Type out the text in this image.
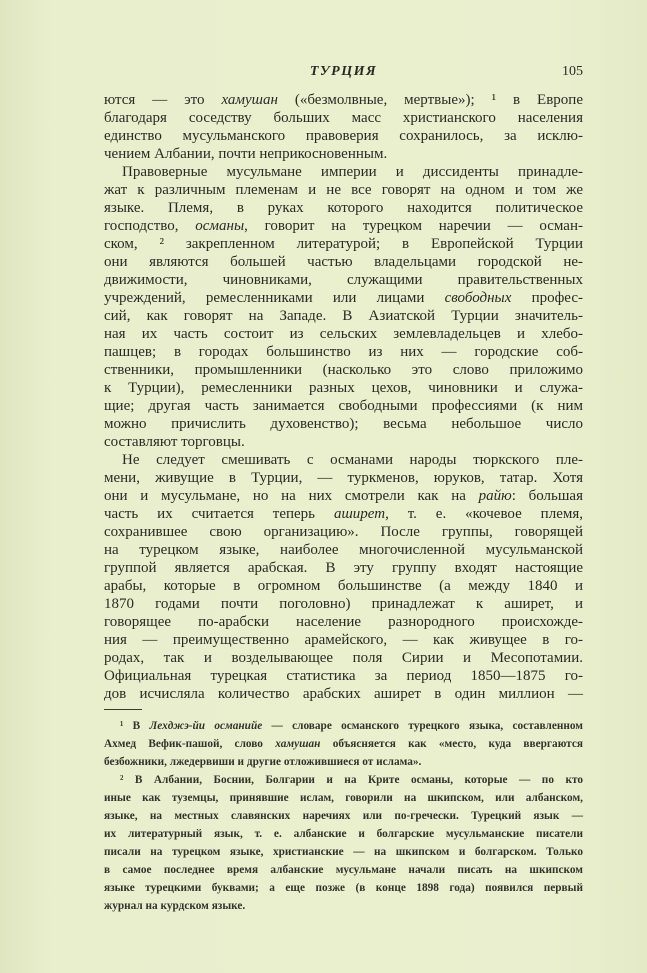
ТУРЦИЯ	105
ются — это хамушан («безмолвные, мертвые»); ¹ в Европе
благодаря соседству больших масс христианского населения
единство мусульманского правоверия сохранилось, за исклю-
чением Албании, почти неприкосновенным.
Правоверные мусульмане империи и диссиденты принадле-
жат к различным племенам и не все говорят на одном и том же
языке. Племя, в руках которого находится политическое
господство, османы, говорит на турецком наречии — осман-
ском, ² закрепленном литературой; в Европейской Турции
они являются большей частью владельцами городской не-
движимости, чиновниками, служащими правительственных
учреждений, ремесленниками или лицами свободных профес-
сий, как говорят на Западе. В Азиатской Турции значитель-
ная их часть состоит из сельских землевладельцев и хлебо-
пашцев; в городах большинство из них — городские соб-
ственники, промышленники (насколько это слово приложимо
к Турции), ремесленники разных цехов, чиновники и служа-
щие; другая часть занимается свободными профессиями (к ним
можно причислить духовенство); весьма небольшое число
составляют торговцы.
Не следует смешивать с османами народы тюркского пле-
мени, живущие в Турции, — туркменов, юруков, татар. Хотя
они и мусульмане, но на них смотрели как на райю: большая
часть их считается теперь аширет, т. е. «кочевое племя,
сохранившее свою организацию». После группы, говорящей
на турецком языке, наиболее многочисленной мусульманской
группой является арабская. В эту группу входят настоящие
арабы, которые в огромном большинстве (а между 1840 и
1870 годами почти поголовно) принадлежат к аширет, и
говорящее по-арабски население разнородного происхожде-
ния — преимущественно арамейского, — как живущее в го-
родах, так и возделывающее поля Сирии и Месопотамии.
Официальная турецкая статистика за период 1850—1875 го-
дов исчисляла количество арабских аширет в один миллион —
¹ В Лехджэ-йи османийе — словаре османского турецкого языка, составленном
Ахмед Вефик-пашой, слово хамушан объясняется как «место, куда ввергаются
безбожники, лжедервиши и другие отложившиеся от ислама».
² В Албании, Боснии, Болгарии и на Крите османы, которые — по кто
иные как туземцы, принявшие ислам, говорили на шкипском, или албанском,
языке, на местных славянских наречиях или по-гречески. Турецкий язык —
их литературный язык, т. е. албанские и болгарские мусульманские писатели
писали на турецком языке, христианские — на шкипском и болгарском. Только
в самое последнее время албанские мусульмане начали писать на шкипском
языке турецкими буквами; а еще позже (в конце 1898 года) появился первый
журнал на курдском языке.
